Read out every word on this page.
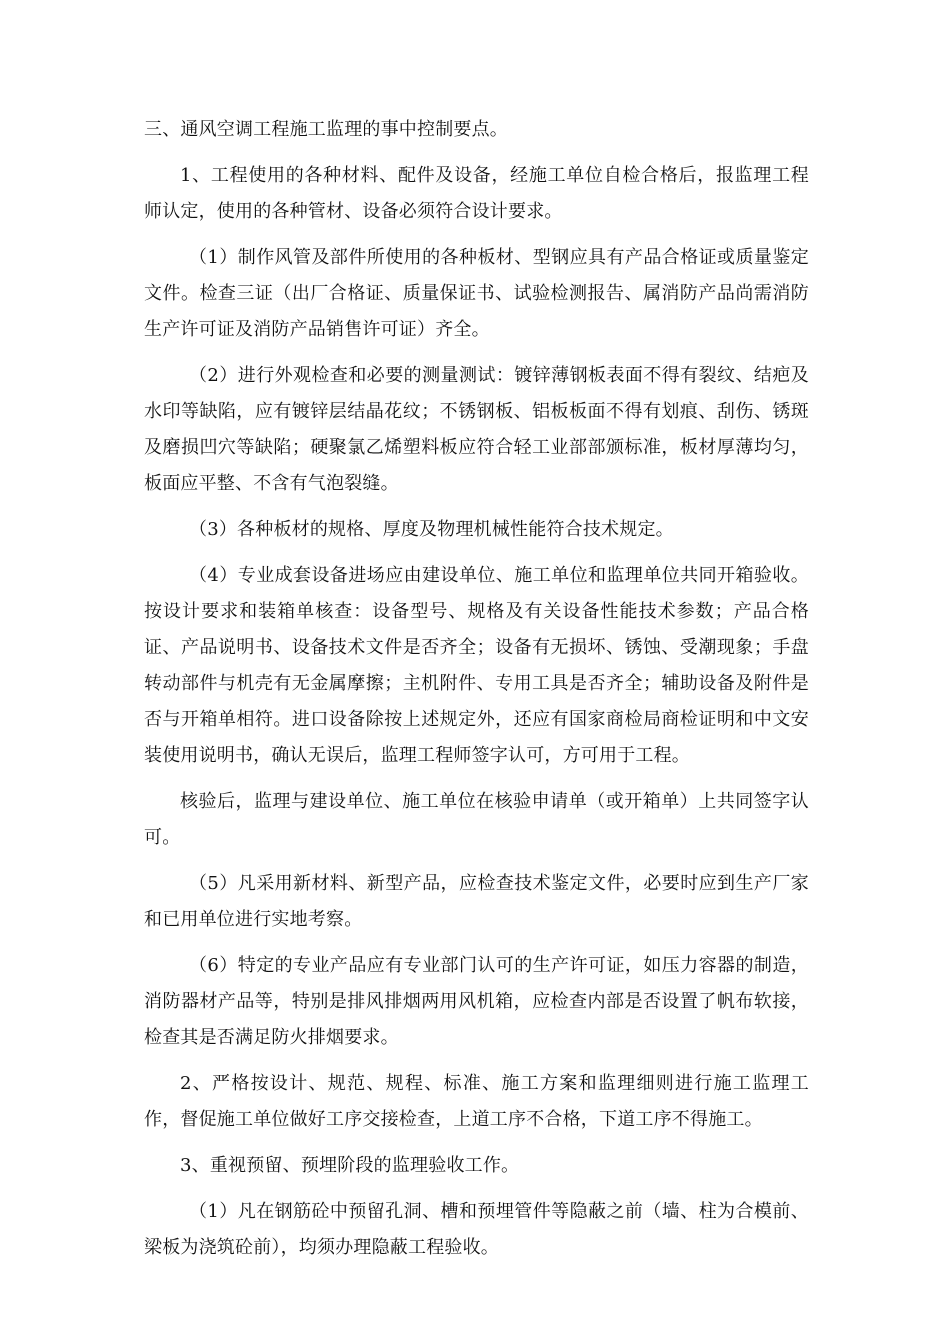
三、通风空调工程施工监理的事中控制要点。

1、工程使用的各种材料、配件及设备，经施工单位自检合格后，报监理工程师认定，使用的各种管材、设备必须符合设计要求。

（1）制作风管及部件所使用的各种板材、型钢应具有产品合格证或质量鉴定文件。检查三证（出厂合格证、质量保证书、试验检测报告、属消防产品尚需消防生产许可证及消防产品销售许可证）齐全。

（2）进行外观检查和必要的测量测试：镀锌薄钢板表面不得有裂纹、结疤及水印等缺陷，应有镀锌层结晶花纹；不锈钢板、铝板板面不得有划痕、刮伤、锈斑及磨损凹穴等缺陷；硬聚氯乙烯塑料板应符合轻工业部部颁标准，板材厚薄均匀，板面应平整、不含有气泡裂缝。

（3）各种板材的规格、厚度及物理机械性能符合技术规定。

（4）专业成套设备进场应由建设单位、施工单位和监理单位共同开箱验收。按设计要求和装箱单核查：设备型号、规格及有关设备性能技术参数；产品合格证、产品说明书、设备技术文件是否齐全；设备有无损坏、锈蚀、受潮现象；手盘转动部件与机壳有无金属摩擦；主机附件、专用工具是否齐全；辅助设备及附件是否与开箱单相符。进口设备除按上述规定外，还应有国家商检局商检证明和中文安装使用说明书，确认无误后，监理工程师签字认可，方可用于工程。

核验后，监理与建设单位、施工单位在核验申请单（或开箱单）上共同签字认可。

（5）凡采用新材料、新型产品，应检查技术鉴定文件，必要时应到生产厂家和已用单位进行实地考察。

（6）特定的专业产品应有专业部门认可的生产许可证，如压力容器的制造，消防器材产品等，特别是排风排烟两用风机箱，应检查内部是否设置了帆布软接，检查其是否满足防火排烟要求。

2、严格按设计、规范、规程、标准、施工方案和监理细则进行施工监理工作，督促施工单位做好工序交接检查，上道工序不合格，下道工序不得施工。

3、重视预留、预埋阶段的监理验收工作。

（1）凡在钢筋砼中预留孔洞、槽和预埋管件等隐蔽之前（墙、柱为合模前、梁板为浇筑砼前），均须办理隐蔽工程验收。
